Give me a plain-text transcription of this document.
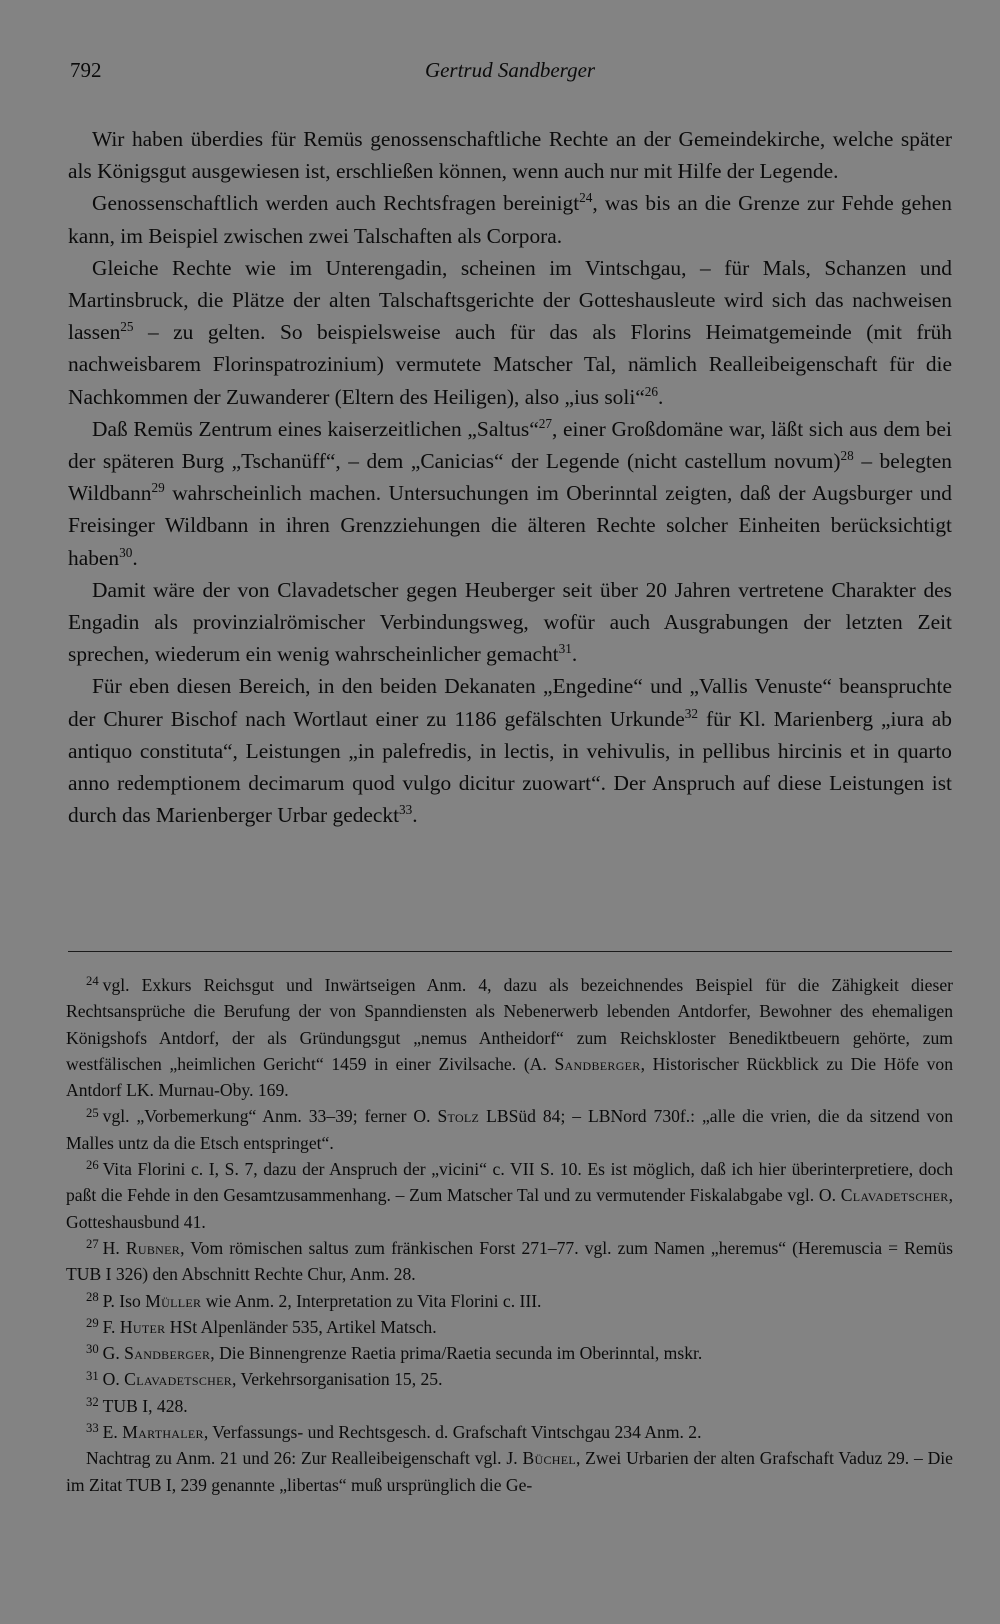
792	Gertrud Sandberger

Wir haben überdies für Remüs genossenschaftliche Rechte an der Gemeindekirche, welche später als Königsgut ausgewiesen ist, erschließen können, wenn auch nur mit Hilfe der Legende.

Genossenschaftlich werden auch Rechtsfragen bereinigt$^{24}$, was bis an die Grenze zur Fehde gehen kann, im Beispiel zwischen zwei Talschaften als Corpora.

Gleiche Rechte wie im Unterengadin, scheinen im Vintschgau, – für Mals, Schanzen und Martinsbruck, die Plätze der alten Talschaftsgerichte der Gotteshausleute wird sich das nachweisen lassen$^{25}$ – zu gelten. So beispielsweise auch für das als Florins Heimatgemeinde (mit früh nachweisbarem Florinspatrozinium) vermutete Matscher Tal, nämlich Realleibeigenschaft für die Nachkommen der Zuwanderer (Eltern des Heiligen), also „ius soli“$^{26}$.

Daß Remüs Zentrum eines kaiserzeitlichen „Saltus“$^{27}$, einer Großdomäne war, läßt sich aus dem bei der späteren Burg „Tschanüff“, – dem „Canicias“ der Legende (nicht castellum novum)$^{28}$ – belegten Wildbann$^{29}$ wahrscheinlich machen. Untersuchungen im Oberinntal zeigten, daß der Augsburger und Freisinger Wildbann in ihren Grenzziehungen die älteren Rechte solcher Einheiten berücksichtigt haben$^{30}$.

Damit wäre der von Clavadetscher gegen Heuberger seit über 20 Jahren vertretene Charakter des Engadin als provinzialrömischer Verbindungsweg, wofür auch Ausgrabungen der letzten Zeit sprechen, wiederum ein wenig wahrscheinlicher gemacht$^{31}$.

Für eben diesen Bereich, in den beiden Dekanaten „Engedine“ und „Vallis Venuste“ beanspruchte der Churer Bischof nach Wortlaut einer zu 1186 gefälschten Urkunde$^{32}$ für Kl. Marienberg „iura ab antiquo constituta“, Leistungen „in palefredis, in lectis, in vehivulis, in pellibus hircinis et in quarto anno redemptionem decimarum quod vulgo dicitur zuowart“. Der Anspruch auf diese Leistungen ist durch das Marienberger Urbar gedeckt$^{33}$.

$^{24}$ vgl. Exkurs Reichsgut und Inwärtseigen Anm. 4, dazu als bezeichnendes Beispiel für die Zähigkeit dieser Rechtsansprüche die Berufung der von Spanndiensten als Nebenerwerb lebenden Antdorfer, Bewohner des ehemaligen Königshofs Antdorf, der als Gründungsgut „nemus Antheidorf“ zum Reichskloster Benediktbeuern gehörte, zum westfälischen „heimlichen Gericht“ 1459 in einer Zivilsache. (A. Sandberger, Historischer Rückblick zu Die Höfe von Antdorf LK. Murnau-Oby. 169.

$^{25}$ vgl. „Vorbemerkung“ Anm. 33–39; ferner O. Stolz LBSüd 84; – LBNord 730f.: „alle die vrien, die da sitzend von Malles untz da die Etsch entspringet“.

$^{26}$ Vita Florini c. I, S. 7, dazu der Anspruch der „vicini“ c. VII S. 10. Es ist möglich, daß ich hier überinterpretiere, doch paßt die Fehde in den Gesamtzusammenhang. – Zum Matscher Tal und zu vermutender Fiskalabgabe vgl. O. Clavadetscher, Gotteshausbund 41.

$^{27}$ H. Rubner, Vom römischen saltus zum fränkischen Forst 271–77. vgl. zum Namen „heremus“ (Heremuscia = Remüs TUB I 326) den Abschnitt Rechte Chur, Anm. 28.

$^{28}$ P. Iso Müller wie Anm. 2, Interpretation zu Vita Florini c. III.

$^{29}$ F. Huter HSt Alpenländer 535, Artikel Matsch.

$^{30}$ G. Sandberger, Die Binnengrenze Raetia prima/Raetia secunda im Oberinntal, mskr.

$^{31}$ O. Clavadetscher, Verkehrsorganisation 15, 25.

$^{32}$ TUB I, 428.

$^{33}$ E. Marthaler, Verfassungs- und Rechtsgesch. d. Grafschaft Vintschgau 234 Anm. 2.

Nachtrag zu Anm. 21 und 26: Zur Realleibeigenschaft vgl. J. Büchel, Zwei Urbarien der alten Grafschaft Vaduz 29. – Die im Zitat TUB I, 239 genannte „libertas“ muß ursprünglich die Ge-
